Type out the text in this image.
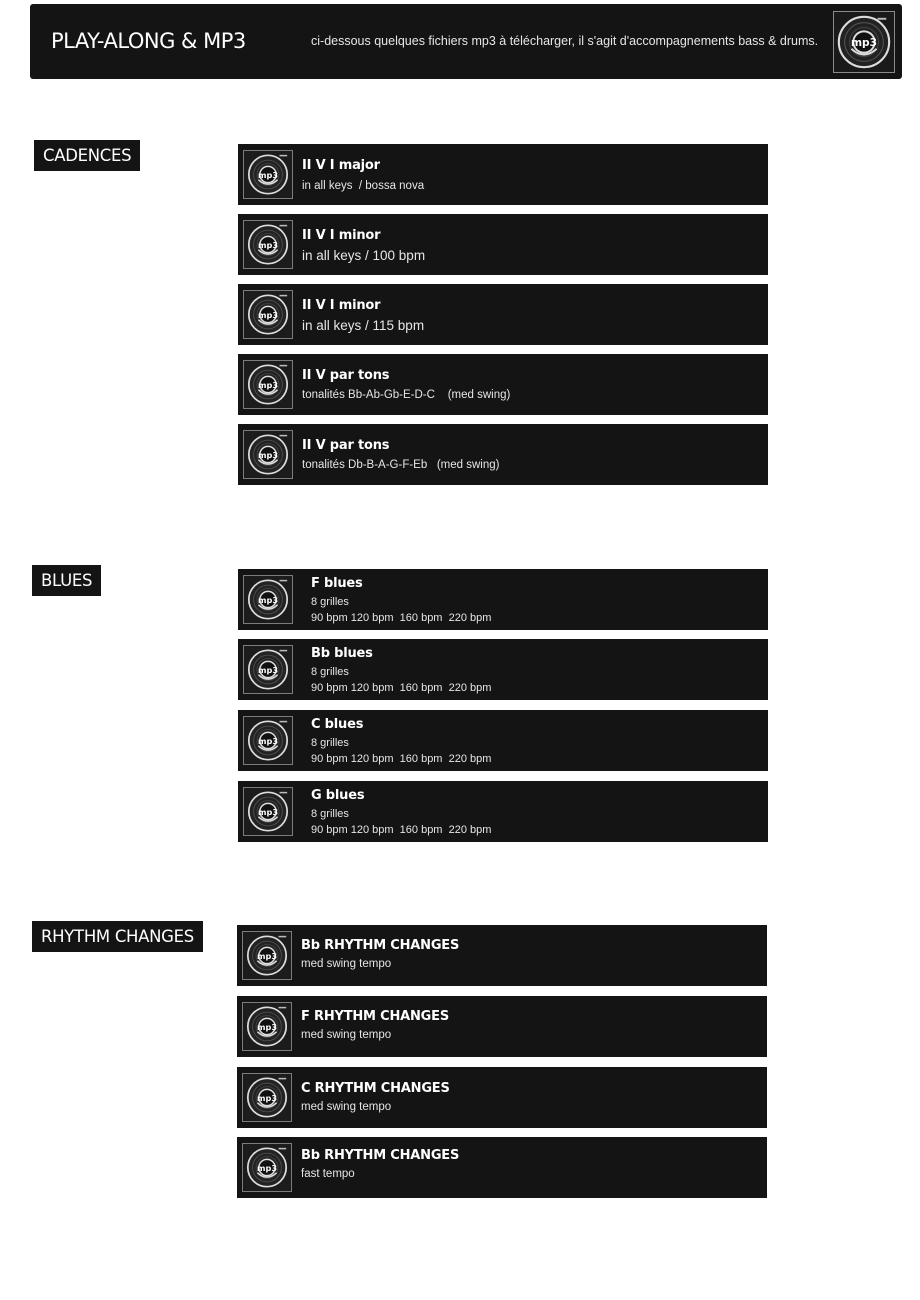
PLAY-ALONG & MP3	ci-dessous quelques fichiers mp3 à télécharger, il s'agit d'accompagnements bass & drums.	mp3
CADENCES
mp3
II V I major
in all keys  / bossa nova
mp3
II V I minor
in all keys / 100 bpm
mp3
II V I minor
in all keys / 115 bpm
mp3
II V par tons
tonalités Bb-Ab-Gb-E-D-C    (med swing)
mp3
II V par tons
tonalités Db-B-A-G-F-Eb   (med swing)
BLUES
mp3
F blues
8 grilles
90 bpm 120 bpm  160 bpm  220 bpm
mp3
Bb blues
8 grilles
90 bpm 120 bpm  160 bpm  220 bpm
mp3
C blues
8 grilles
90 bpm 120 bpm  160 bpm  220 bpm
mp3
G blues
8 grilles
90 bpm 120 bpm  160 bpm  220 bpm
RHYTHM CHANGES
mp3
Bb RHYTHM CHANGES
med swing tempo
mp3
F RHYTHM CHANGES
med swing tempo
mp3
C RHYTHM CHANGES
med swing tempo
mp3
Bb RHYTHM CHANGES
fast tempo
